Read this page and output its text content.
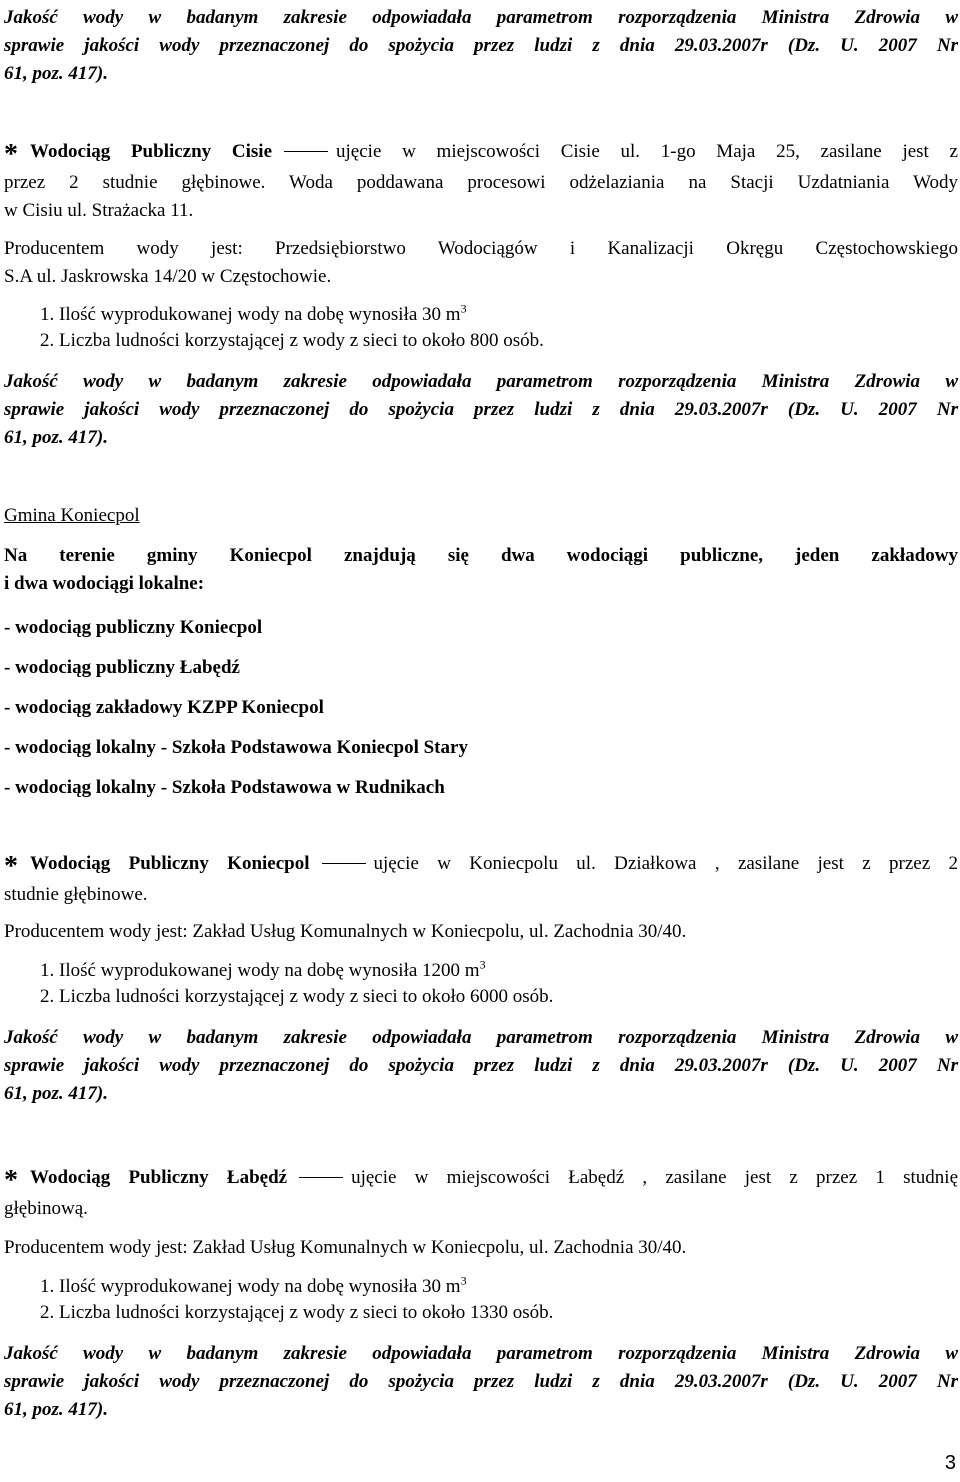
Jakość wody w badanym zakresie odpowiadała parametrom rozporządzenia Ministra Zdrowia w
sprawie jakości wody przeznaczonej do spożycia przez ludzi z dnia 29.03.2007r (Dz. U. 2007 Nr
61, poz. 417).
* Wodociąg Publiczny Cisie	ujęcie w miejscowości Cisie ul. 1-go Maja 25, zasilane jest z
przez 2 studnie głębinowe. Woda poddawana procesowi odżelaziania na Stacji Uzdatniania Wody
w Cisiu ul. Strażacka 11.
Producentem wody jest: Przedsiębiorstwo Wodociągów i Kanalizacji Okręgu Częstochowskiego
S.A ul. Jaskrowska 14/20 w Częstochowie.
1. Ilość wyprodukowanej wody na dobę wynosiła 30 $m^3$
2. Liczba ludności korzystającej z wody z sieci to około 800 osób.
Jakość wody w badanym zakresie odpowiadała parametrom rozporządzenia Ministra Zdrowia w
sprawie jakości wody przeznaczonej do spożycia przez ludzi z dnia 29.03.2007r (Dz. U. 2007 Nr
61, poz. 417).
Gmina Koniecpol
Na terenie gminy Koniecpol znajdują się dwa wodociągi publiczne, jeden zakładowy
i dwa wodociągi lokalne:
- wodociąg publiczny Koniecpol
- wodociąg publiczny Łabędź
- wodociąg zakładowy KZPP Koniecpol
- wodociąg lokalny - Szkoła Podstawowa Koniecpol Stary
- wodociąg lokalny - Szkoła Podstawowa w Rudnikach
* Wodociąg Publiczny Koniecpol	ujęcie w Koniecpolu ul. Działkowa , zasilane jest z przez 2
studnie głębinowe.
Producentem wody jest: Zakład Usług Komunalnych w Koniecpolu, ul. Zachodnia 30/40.
1. Ilość wyprodukowanej wody na dobę wynosiła 1200 $m^3$
2. Liczba ludności korzystającej z wody z sieci to około 6000 osób.
Jakość wody w badanym zakresie odpowiadała parametrom rozporządzenia Ministra Zdrowia w
sprawie jakości wody przeznaczonej do spożycia przez ludzi z dnia 29.03.2007r (Dz. U. 2007 Nr
61, poz. 417).
* Wodociąg Publiczny Łabędź	ujęcie w miejscowości Łabędź , zasilane jest z przez 1 studnię
głębinową.
Producentem wody jest: Zakład Usług Komunalnych w Koniecpolu, ul. Zachodnia 30/40.
1. Ilość wyprodukowanej wody na dobę wynosiła 30 $m^3$
2. Liczba ludności korzystającej z wody z sieci to około 1330 osób.
Jakość wody w badanym zakresie odpowiadała parametrom rozporządzenia Ministra Zdrowia w
sprawie jakości wody przeznaczonej do spożycia przez ludzi z dnia 29.03.2007r (Dz. U. 2007 Nr
61, poz. 417).
3
